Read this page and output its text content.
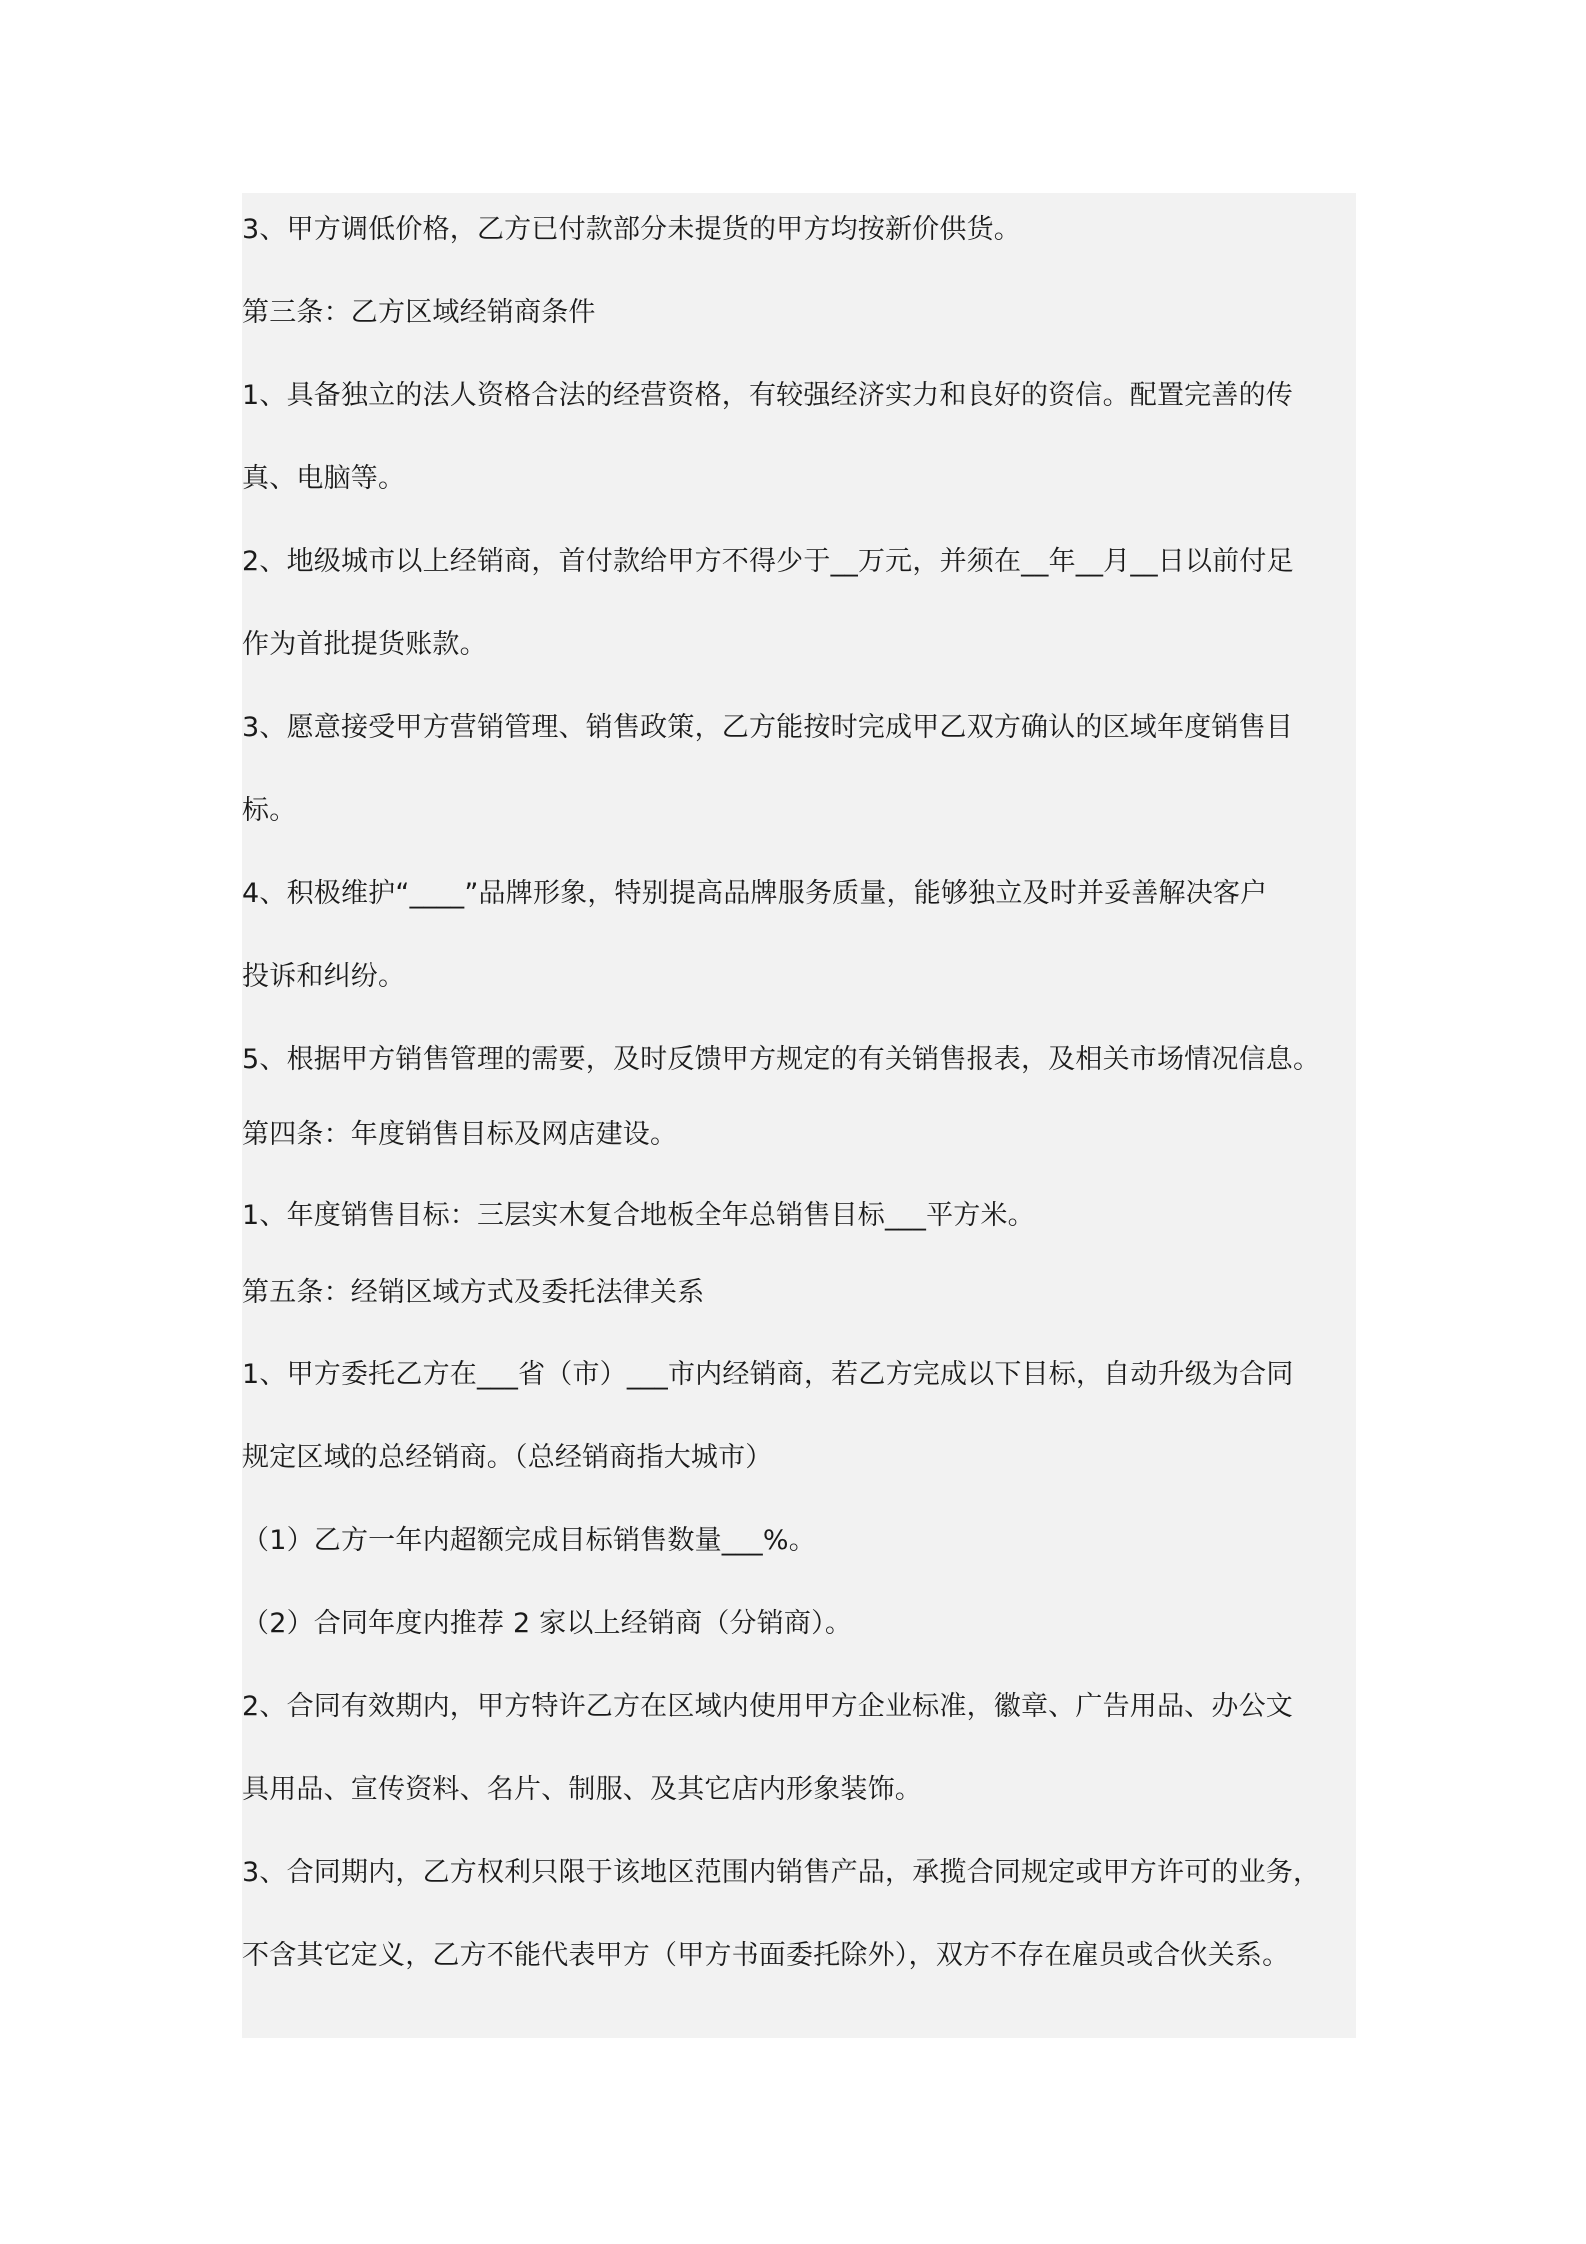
3、甲方调低价格，乙方已付款部分未提货的甲方均按新价供货。
第三条：乙方区域经销商条件
1、具备独立的法人资格合法的经营资格，有较强经济实力和良好的资信。配置完善的传
真、电脑等。
2、地级城市以上经销商，首付款给甲方不得少于__万元，并须在__年__月__日以前付足
作为首批提货账款。
3、愿意接受甲方营销管理、销售政策，乙方能按时完成甲乙双方确认的区域年度销售目
标。
4、积极维护“____”品牌形象，特别提高品牌服务质量，能够独立及时并妥善解决客户
投诉和纠纷。
5、根据甲方销售管理的需要，及时反馈甲方规定的有关销售报表，及相关市场情况信息。
第四条：年度销售目标及网店建设。
1、年度销售目标：三层实木复合地板全年总销售目标___平方米。
第五条：经销区域方式及委托法律关系
1、甲方委托乙方在___省（市）___市内经销商，若乙方完成以下目标，自动升级为合同
规定区域的总经销商。（总经销商指大城市）
（1）乙方一年内超额完成目标销售数量___%。
（2）合同年度内推荐 2 家以上经销商（分销商）。
2、合同有效期内，甲方特许乙方在区域内使用甲方企业标准，徽章、广告用品、办公文
具用品、宣传资料、名片、制服、及其它店内形象装饰。
3、合同期内，乙方权利只限于该地区范围内销售产品，承揽合同规定或甲方许可的业务，
不含其它定义，乙方不能代表甲方（甲方书面委托除外），双方不存在雇员或合伙关系。
